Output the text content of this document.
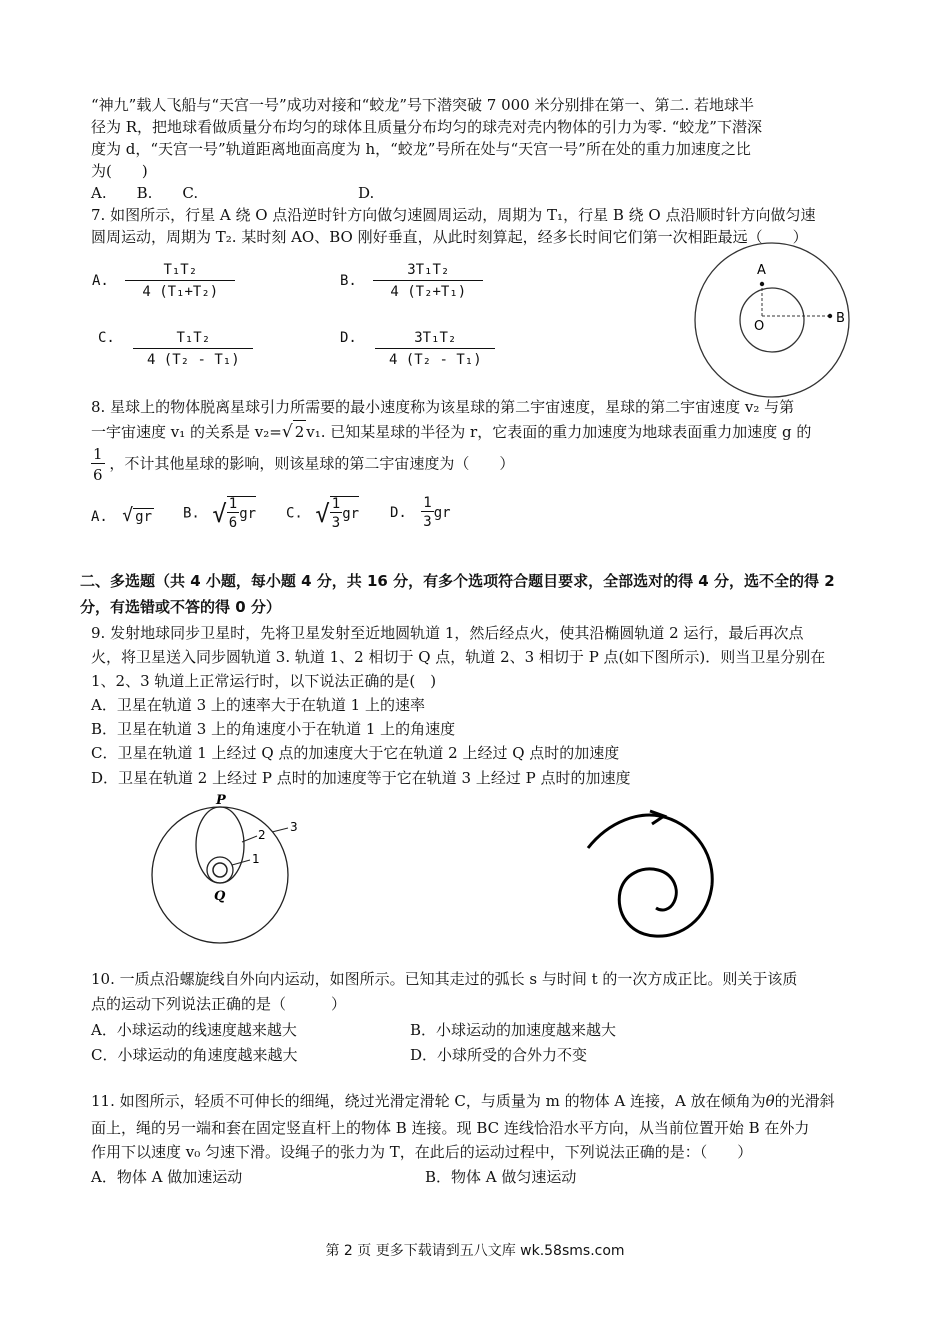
“神九”载人飞船与“天宫一号”成功对接和“蛟龙”号下潜突破 7 000 米分别排在第一、第二. 若地球半
径为 R，把地球看做质量分布均匀的球体且质量分布均匀的球壳对壳内物体的引力为零. “蛟龙”下潜深
度为 d，“天宫一号”轨道距离地面高度为 h，“蛟龙”号所在处与“天宫一号”所在处的重力加速度之比
为(　　)
A.　　B.　　C.	D.
7. 如图所示，行星 A 绕 O 点沿逆时针方向做匀速圆周运动，周期为 T₁，行星 B 绕 O 点沿顺时针方向做匀速
圆周运动，周期为 T₂. 某时刻 AO、BO 刚好垂直，从此时刻算起，经多长时间它们第一次相距最远（　　）
A. $\frac{\text{T₁T₂}}{\text{4 (T₁+T₂)}}$	B. $\frac{\text{3T₁T₂}}{\text{4 (T₂+T₁)}}$
C. $\frac{\text{T₁T₂}}{\text{4 (T₂ - T₁)}}$	D. $\frac{\text{3T₁T₂}}{\text{4 (T₂ - T₁)}}$
A
B
O
8. 星球上的物体脱离星球引力所需要的最小速度称为该星球的第二宇宙速度，星球的第二宇宙速度 v₂ 与第
一宇宙速度 v₁ 的关系是 v₂=√ 2 v₁. 已知某星球的半径为 r，它表面的重力加速度为地球表面重力加速度 g 的
$\frac{1}{6}$ ，不计其他星球的影响，则该星球的第二宇宙速度为（　　）
A. √ gr B. √ $\frac{1}{6}$ gr C. √ $\frac{1}{3}$ gr D. $\frac{1}{3}$ gr
二、多选题（共 4 小题，每小题 4 分，共 16 分，有多个选项符合题目要求，全部选对的得 4 分，选不全的得 2
分，有选错或不答的得 0 分）
9. 发射地球同步卫星时，先将卫星发射至近地圆轨道 1，然后经点火，使其沿椭圆轨道 2 运行，最后再次点
火，将卫星送入同步圆轨道 3. 轨道 1、2 相切于 Q 点，轨道 2、3 相切于 P 点(如下图所示)．则当卫星分别在
1、2、3 轨道上正常运行时，以下说法正确的是(　)
A．卫星在轨道 3 上的速率大于在轨道 1 上的速率
B．卫星在轨道 3 上的角速度小于在轨道 1 上的角速度
C．卫星在轨道 1 上经过 Q 点的加速度大于它在轨道 2 上经过 Q 点时的加速度
D．卫星在轨道 2 上经过 P 点时的加速度等于它在轨道 3 上经过 P 点时的加速度
P
Q
1
2
3
10. 一质点沿螺旋线自外向内运动，如图所示。已知其走过的弧长 s 与时间 t 的一次方成正比。则关于该质
点的运动下列说法正确的是（　　　）
A．小球运动的线速度越来越大	B．小球运动的加速度越来越大
C．小球运动的角速度越来越大	D．小球所受的合外力不变
11. 如图所示，轻质不可伸长的细绳，绕过光滑定滑轮 C，与质量为 m 的物体 A 连接，A 放在倾角为θ的光滑斜
面上，绳的另一端和套在固定竖直杆上的物体 B 连接。现 BC 连线恰沿水平方向，从当前位置开始 B 在外力
作用下以速度 v₀ 匀速下滑。设绳子的张力为 T，在此后的运动过程中，下列说法正确的是：（　　）
A．物体 A 做加速运动	B．物体 A 做匀速运动
第 2 页 更多下载请到五八文库 wk.58sms.com
